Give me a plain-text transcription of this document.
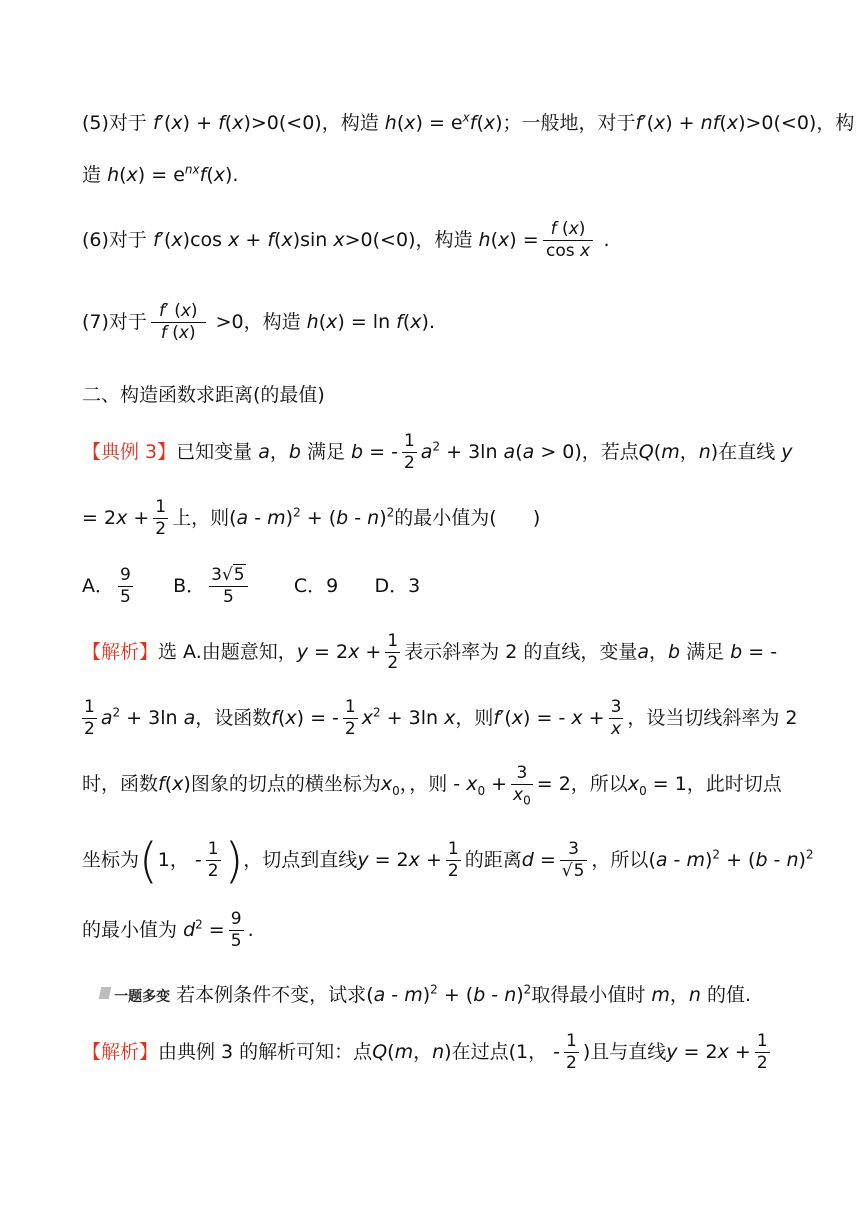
(5)对于 f′(x) + f(x)>0(<0)，构造 $h(x) = e^xf(x)$；一般地，对于f′(x) + nf(x)>0(<0)，构
造 $h(x) = e^{nx}f(x)$.
(6)对于 f′(x)cos x + f(x)sin x>0(<0)，构造 $h(x) = \frac{f (x)}{\text{cos x}}$ .
(7)对于 $\frac{f' (x)}{f (x)} >0$，构造 h(x) = ln f(x).
二、构造函数求距离(的最值)
【典例 3】已知变量 a，b 满足 b = - $\frac{1}{2} a^2 + 3\ln$ a(a > 0)，若点Q(m，n)在直线 y
= $2x + \frac{1}{2}$ 上，则(a - m)$^2$ + (b - n)$^2$的最小值为( )
A． $\frac{9}{5}$ B． $\frac{3√5}{5}$ C．9 D．3
【解析】选 A.由题意知，$y = 2x + \frac{1}{2}$ 表示斜率为 2 的直线，变量a，b 满足 b = -
$\frac{1}{2} a^2 + 3\ln$ a，设函数f(x) = - $\frac{1}{2} x^2 + 3\ln$ x，则f′(x) = - $x + \frac{3}{x}$ ，设当切线斜率为 2
时，函数f(x)图象的切点的横坐标为$x_0$，，则 - $x_0 + \frac{3}{x_0} = 2$，所以$x_0 = 1$，此时切点
坐标为(1， - $\frac{1}{2}$ )，切点到直线$y = 2x + \frac{1}{2}$ 的距离$d = \frac{3}{√5}$ ，所以(a - m)$^2$ + (b - n)$^2$
的最小值为 $d^2 = \frac{9}{5}$ .

一题多变 若本例条件不变，试求(a - m)$^2$ + (b - n)$^2$取得最小值时 m，n 的值.
【解析】由典例 3 的解析可知：点Q(m，n)在过点(1， - $\frac{1}{2}$ )且与直线$y = 2x + \frac{1}{2}$
